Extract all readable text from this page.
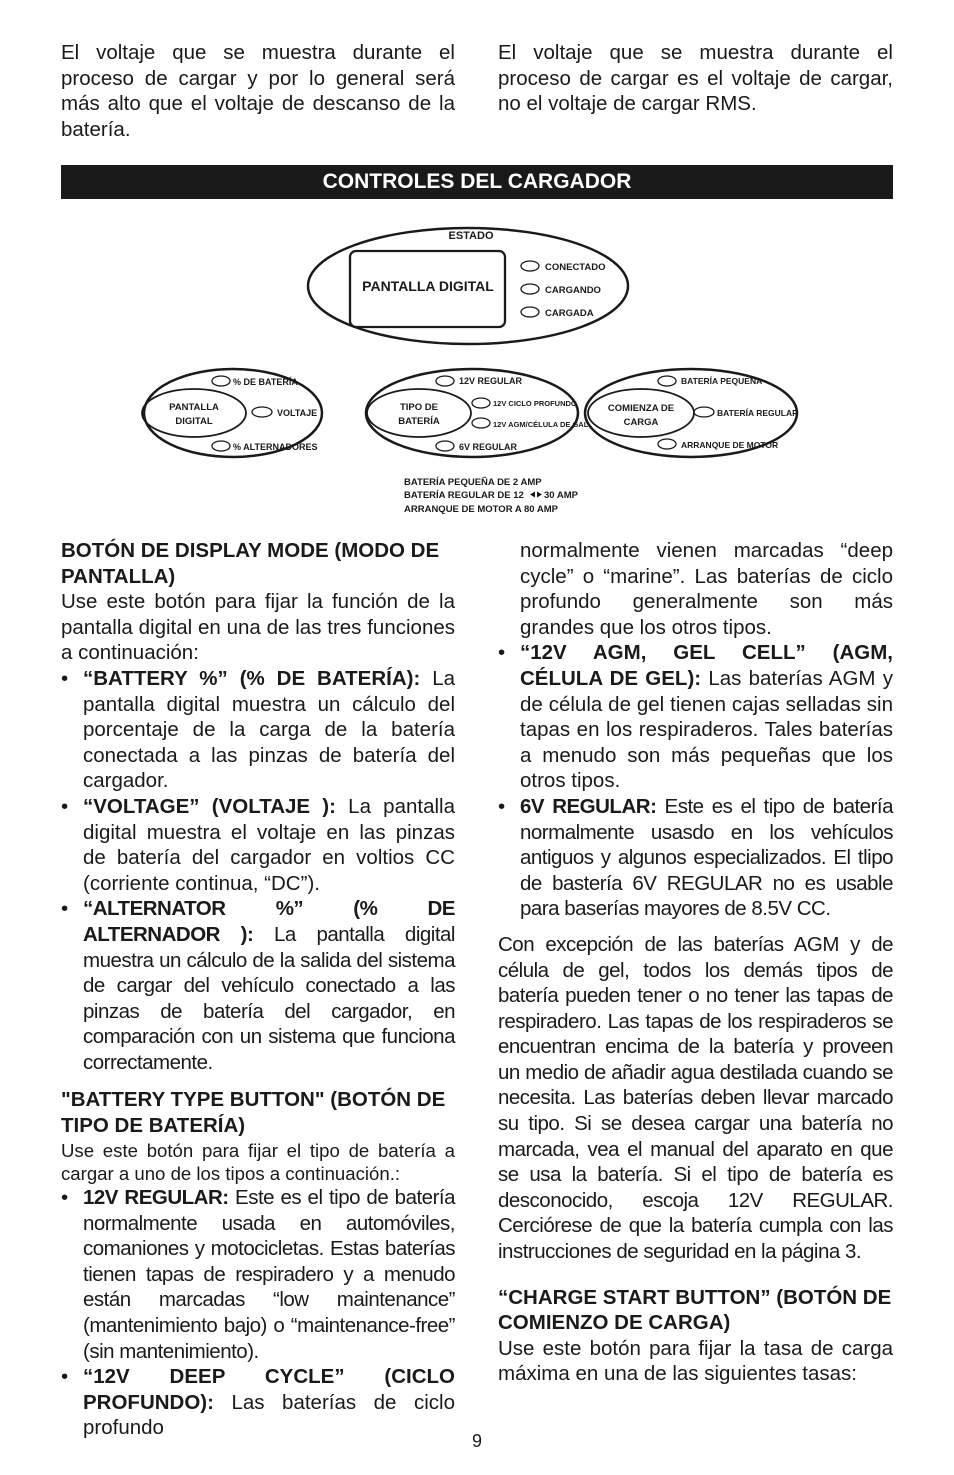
El voltaje que se muestra durante el proceso de cargar y por lo general será más alto que el voltaje de descanso de la batería.
El voltaje que se muestra durante el proceso de cargar es el voltaje de cargar, no el voltaje de cargar RMS.
CONTROLES DEL CARGADOR
ESTADO
PANTALLA DIGITAL
CONECTADO
CARGANDO
CARGADA
PANTALLA
DIGITAL
% DE BATERÍA
VOLTAJE
% ALTERNADORES
TIPO DE
BATERÍA
12V REGULAR
12V CICLO PROFUNDO
12V AGM/CÉLULA DE GAL
6V REGULAR
COMIENZA DE
CARGA
BATERÍA PEQUEÑA
BATERÍA REGULAR
ARRANQUE DE MOTOR
BATERÍA PEQUEÑA DE 2 AMP
BATERÍA REGULAR DE 12 30 AMP
ARRANQUE DE MOTOR A 80 AMP

BOTÓN DE DISPLAY MODE (MODO DE PANTALLA)

Use este botón para fijar la función de la pantalla digital en una de las tres funciones a continuación:

• “BATTERY %” (% DE BATERÍA): La pantalla digital muestra un cálculo del porcentaje de la carga de la batería conectada a las pinzas de batería del cargador.
• “VOLTAGE” (VOLTAJE ): La pantalla digital muestra el voltaje en las pinzas de batería del cargador en voltios CC (corriente continua, “DC”).
• “ALTERNATOR %” (% DE ALTERNADOR ): La pantalla digital muestra un cálculo de la salida del sistema de cargar del vehículo conectado a las pinzas de batería del cargador, en comparación con un sistema que funciona correctamente.

"BATTERY TYPE BUTTON" (BOTÓN DE TIPO DE BATERÍA)

Use este botón para fijar el tipo de batería a cargar a uno de los tipos a continuación.:

• 12V REGULAR: Este es el tipo de batería normalmente usada en automóviles, comaniones y motocicletas. Estas baterías tienen tapas de respiradero y a menudo están marcadas “low maintenance” (mantenimiento bajo) o “maintenance-free” (sin mantenimiento).
• “12V DEEP CYCLE” (CICLO PROFUNDO): Las baterías de ciclo profundo

normalmente vienen marcadas “deep cycle” o “marine”. Las baterías de ciclo profundo generalmente son más grandes que los otros tipos.

• “12V AGM, GEL CELL” (AGM, CÉLULA DE GEL): Las baterías AGM y de célula de gel tienen cajas selladas sin tapas en los respiraderos. Tales baterías a menudo son más pequeñas que los otros tipos.
• 6V REGULAR: Este es el tipo de batería normalmente usasdo en los vehículos antiguos y algunos especializados. El tlipo de bastería 6V REGULAR no es usable para baserías mayores de 8.5V CC.

Con excepción de las baterías AGM y de célula de gel, todos los demás tipos de batería pueden tener o no tener las tapas de respiradero. Las tapas de los respiraderos se encuentran encima de la batería y proveen un medio de añadir agua destilada cuando se necesita. Las baterías deben llevar marcado su tipo. Si se desea cargar una batería no marcada, vea el manual del aparato en que se usa la batería. Si el tipo de batería es desconocido, escoja 12V REGULAR. Cerciórese de que la batería cumpla con las instrucciones de seguridad en la página 3.

“CHARGE START BUTTON” (BOTÓN DE COMIENZO DE CARGA)

Use este botón para fijar la tasa de carga máxima en una de las siguientes tasas:

9
